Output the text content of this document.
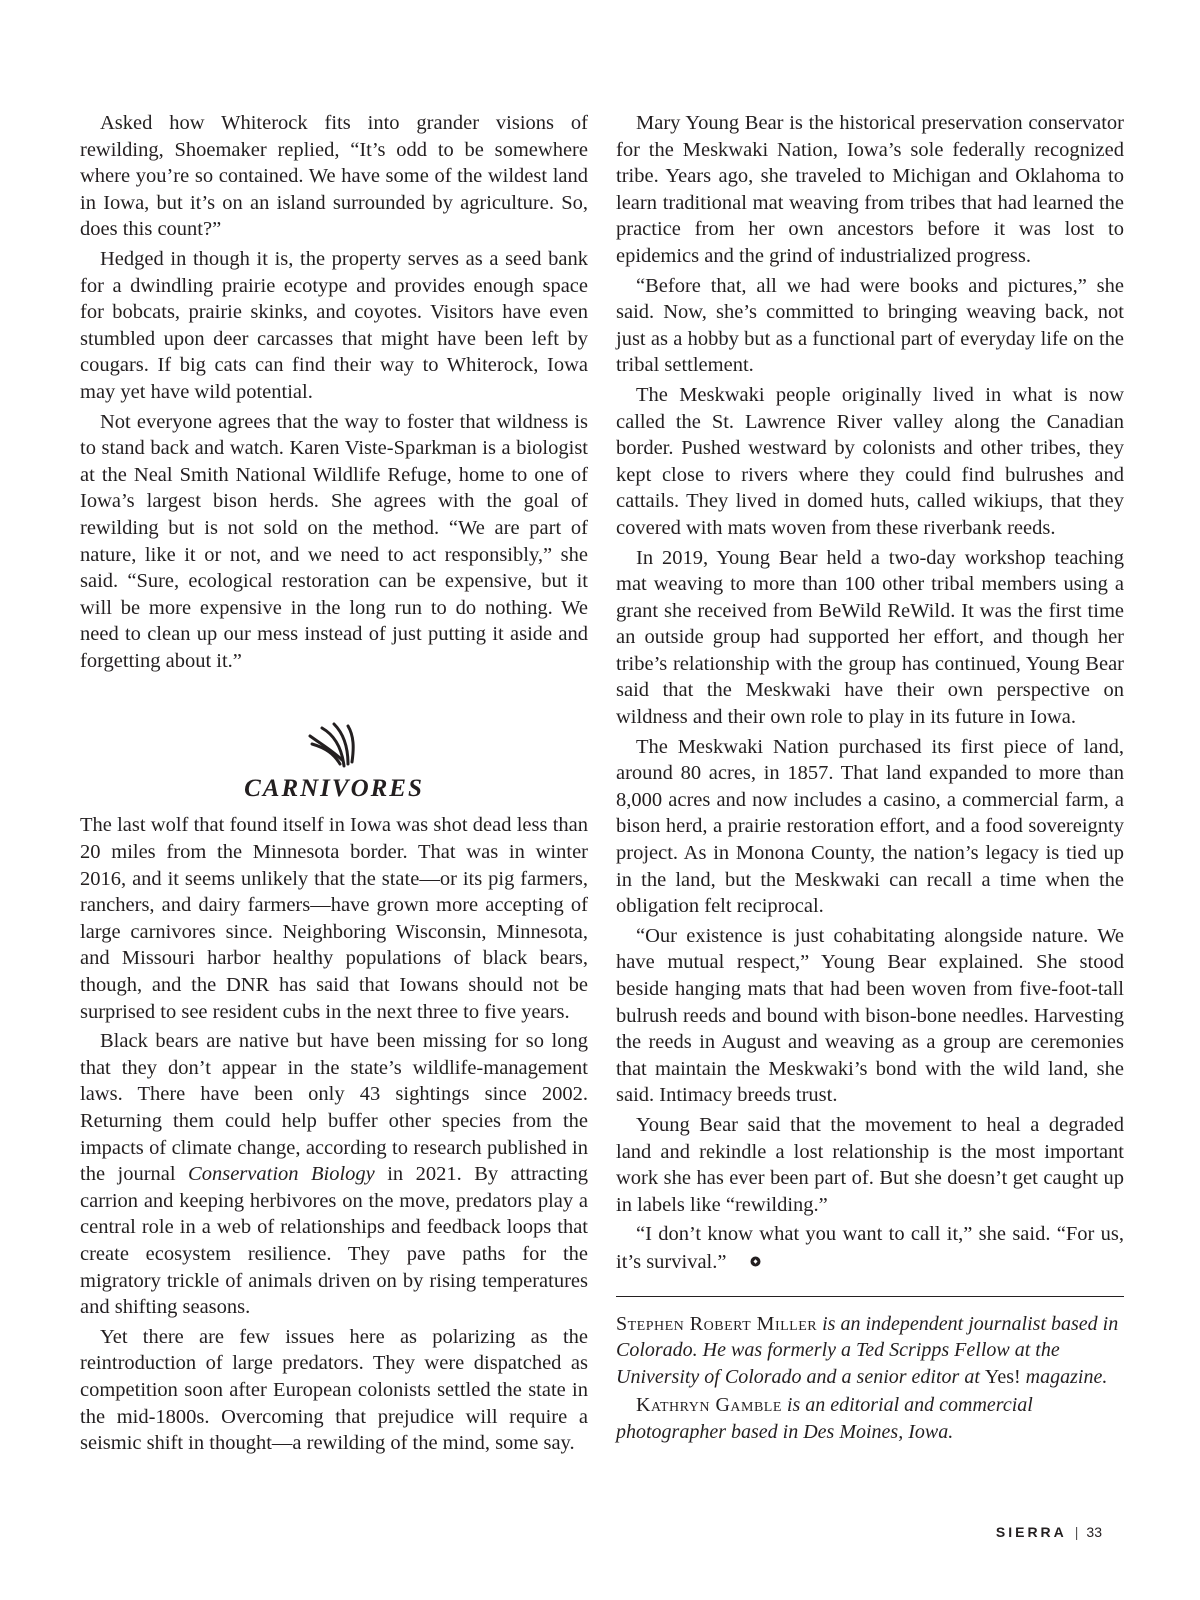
Asked how Whiterock fits into grander visions of rewilding, Shoemaker replied, “It’s odd to be somewhere where you’re so contained. We have some of the wildest land in Iowa, but it’s on an island surrounded by agriculture. So, does this count?”

Hedged in though it is, the property serves as a seed bank for a dwindling prairie ecotype and provides enough space for bobcats, prairie skinks, and coyotes. Visitors have even stumbled upon deer carcasses that might have been left by cougars. If big cats can find their way to Whiterock, Iowa may yet have wild potential.

Not everyone agrees that the way to foster that wildness is to stand back and watch. Karen Viste-Sparkman is a biologist at the Neal Smith National Wildlife Refuge, home to one of Iowa’s largest bison herds. She agrees with the goal of rewilding but is not sold on the method. “We are part of nature, like it or not, and we need to act responsibly,” she said. “Sure, ecological restoration can be expensive, but it will be more expensive in the long run to do nothing. We need to clean up our mess instead of just putting it aside and forgetting about it.”

CARNIVORES

The last wolf that found itself in Iowa was shot dead less than 20 miles from the Minnesota border. That was in winter 2016, and it seems unlikely that the state—or its pig farmers, ranchers, and dairy farmers—have grown more accepting of large carnivores since. Neighboring Wisconsin, Minnesota, and Missouri harbor healthy populations of black bears, though, and the DNR has said that Iowans should not be surprised to see resident cubs in the next three to five years.

Black bears are native but have been missing for so long that they don’t appear in the state’s wildlife-management laws. There have been only 43 sightings since 2002. Returning them could help buffer other species from the impacts of climate change, according to research published in the journal Conservation Biology in 2021. By attracting carrion and keeping herbivores on the move, predators play a central role in a web of relationships and feedback loops that create ecosystem resilience. They pave paths for the migratory trickle of animals driven on by rising temperatures and shifting seasons.

Yet there are few issues here as polarizing as the reintroduction of large predators. They were dispatched as competition soon after European colonists settled the state in the mid-1800s. Overcoming that prejudice will require a seismic shift in thought—a rewilding of the mind, some say.

Mary Young Bear is the historical preservation conservator for the Meskwaki Nation, Iowa’s sole federally recognized tribe. Years ago, she traveled to Michigan and Oklahoma to learn traditional mat weaving from tribes that had learned the practice from her own ancestors before it was lost to epidemics and the grind of industrialized progress.

“Before that, all we had were books and pictures,” she said. Now, she’s committed to bringing weaving back, not just as a hobby but as a functional part of everyday life on the tribal settlement.

The Meskwaki people originally lived in what is now called the St. Lawrence River valley along the Canadian border. Pushed westward by colonists and other tribes, they kept close to rivers where they could find bulrushes and cattails. They lived in domed huts, called wikiups, that they covered with mats woven from these riverbank reeds.

In 2019, Young Bear held a two-day workshop teaching mat weaving to more than 100 other tribal members using a grant she received from BeWild ReWild. It was the first time an outside group had supported her effort, and though her tribe’s relationship with the group has continued, Young Bear said that the Meskwaki have their own perspective on wildness and their own role to play in its future in Iowa.

The Meskwaki Nation purchased its first piece of land, around 80 acres, in 1857. That land expanded to more than 8,000 acres and now includes a casino, a commercial farm, a bison herd, a prairie restoration effort, and a food sovereignty project. As in Monona County, the nation’s legacy is tied up in the land, but the Meskwaki can recall a time when the obligation felt reciprocal.

“Our existence is just cohabitating alongside nature. We have mutual respect,” Young Bear explained. She stood beside hanging mats that had been woven from five-foot-tall bulrush reeds and bound with bison-bone needles. Harvesting the reeds in August and weaving as a group are ceremonies that maintain the Meskwaki’s bond with the wild land, she said. Intimacy breeds trust.

Young Bear said that the movement to heal a degraded land and rekindle a lost relationship is the most important work she has ever been part of. But she doesn’t get caught up in labels like “rewilding.”

“I don’t know what you want to call it,” she said. “For us, it’s survival.”

Stephen Robert Miller is an independent journalist based in Colorado. He was formerly a Ted Scripps Fellow at the University of Colorado and a senior editor at Yes! magazine.

Kathryn Gamble is an editorial and commercial photographer based in Des Moines, Iowa.

SIERRA | 33
